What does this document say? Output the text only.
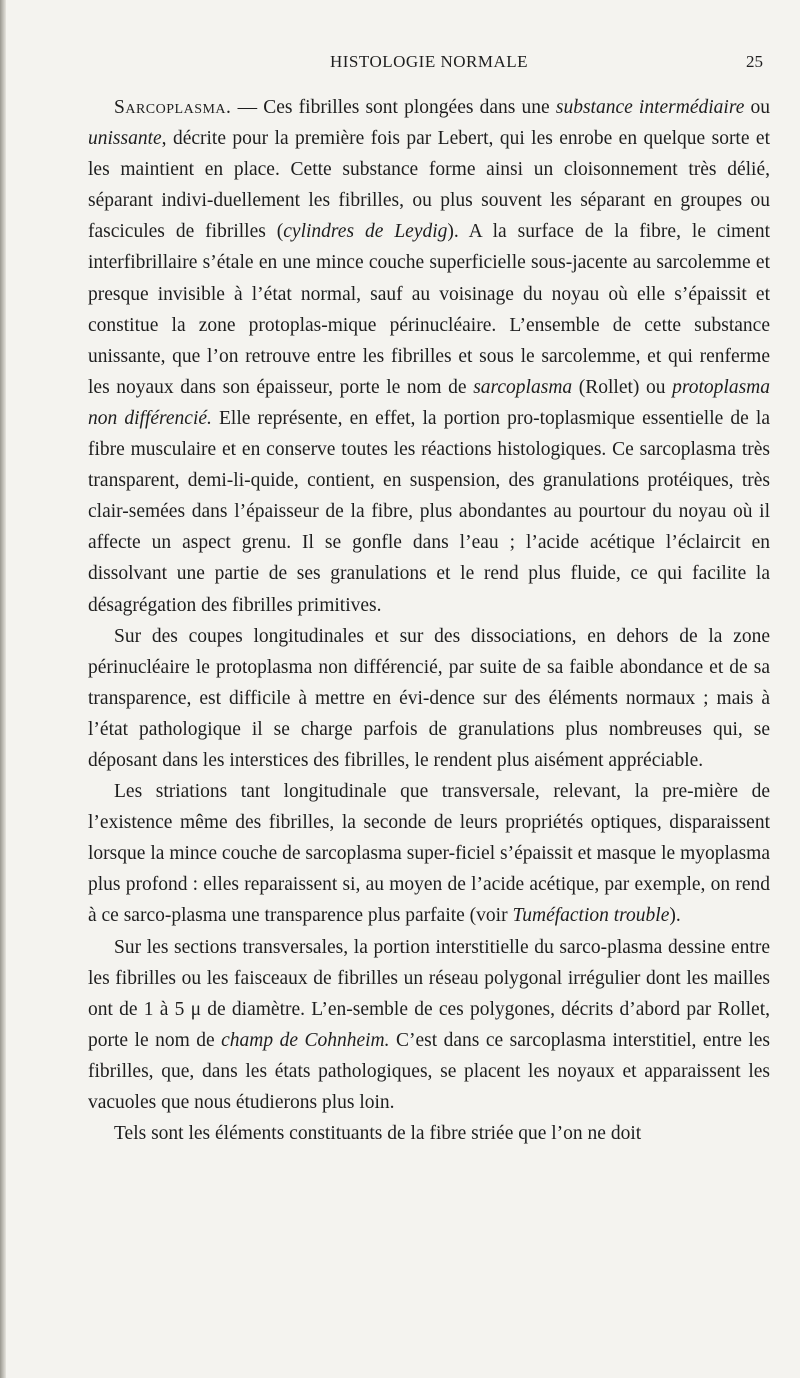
HISTOLOGIE NORMALE	25

Sarcoplasma. — Ces fibrilles sont plongées dans une substance intermédiaire ou unissante, décrite pour la première fois par Lebert, qui les enrobe en quelque sorte et les maintient en place. Cette substance forme ainsi un cloisonnement très délié, séparant indivi-duellement les fibrilles, ou plus souvent les séparant en groupes ou fascicules de fibrilles (cylindres de Leydig). A la surface de la fibre, le ciment interfibrillaire s’étale en une mince couche superficielle sous-jacente au sarcolemme et presque invisible à l’état normal, sauf au voisinage du noyau où elle s’épaissit et constitue la zone protoplas-mique périnucléaire. L’ensemble de cette substance unissante, que l’on retrouve entre les fibrilles et sous le sarcolemme, et qui renferme les noyaux dans son épaisseur, porte le nom de sarcoplasma (Rollet) ou protoplasma non différencié. Elle représente, en effet, la portion pro-toplasmique essentielle de la fibre musculaire et en conserve toutes les réactions histologiques. Ce sarcoplasma très transparent, demi-li-quide, contient, en suspension, des granulations protéiques, très clair-semées dans l’épaisseur de la fibre, plus abondantes au pourtour du noyau où il affecte un aspect grenu. Il se gonfle dans l’eau ; l’acide acétique l’éclaircit en dissolvant une partie de ses granulations et le rend plus fluide, ce qui facilite la désagrégation des fibrilles primitives.

Sur des coupes longitudinales et sur des dissociations, en dehors de la zone périnucléaire le protoplasma non différencié, par suite de sa faible abondance et de sa transparence, est difficile à mettre en évi-dence sur des éléments normaux ; mais à l’état pathologique il se charge parfois de granulations plus nombreuses qui, se déposant dans les interstices des fibrilles, le rendent plus aisément appréciable.

Les striations tant longitudinale que transversale, relevant, la pre-mière de l’existence même des fibrilles, la seconde de leurs propriétés optiques, disparaissent lorsque la mince couche de sarcoplasma super-ficiel s’épaissit et masque le myoplasma plus profond : elles reparaissent si, au moyen de l’acide acétique, par exemple, on rend à ce sarco-plasma une transparence plus parfaite (voir Tuméfaction trouble).

Sur les sections transversales, la portion interstitielle du sarco-plasma dessine entre les fibrilles ou les faisceaux de fibrilles un réseau polygonal irrégulier dont les mailles ont de 1 à 5 μ de diamètre. L’en-semble de ces polygones, décrits d’abord par Rollet, porte le nom de champ de Cohnheim. C’est dans ce sarcoplasma interstitiel, entre les fibrilles, que, dans les états pathologiques, se placent les noyaux et apparaissent les vacuoles que nous étudierons plus loin.

Tels sont les éléments constituants de la fibre striée que l’on ne doit
